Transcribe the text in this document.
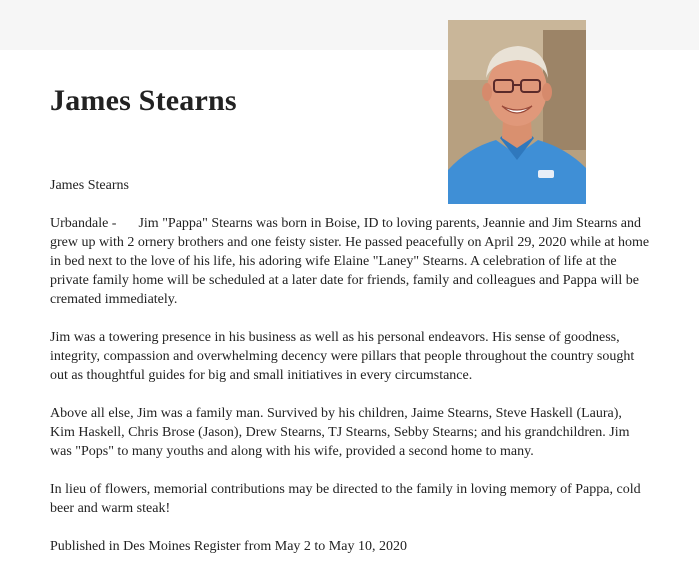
James Stearns

James Stearns

Urbandale - Jim "Pappa" Stearns was born in Boise, ID to loving parents, Jeannie and Jim Stearns and grew up with 2 ornery brothers and one feisty sister. He passed peacefully on April 29, 2020 while at home in bed next to the love of his life, his adoring wife Elaine "Laney" Stearns. A celebration of life at the private family home will be scheduled at a later date for friends, family and colleagues and Pappa will be cremated immediately.

Jim was a towering presence in his business as well as his personal endeavors. His sense of goodness, integrity, compassion and overwhelming decency were pillars that people throughout the country sought out as thoughtful guides for big and small initiatives in every circumstance.

Above all else, Jim was a family man. Survived by his children, Jaime Stearns, Steve Haskell (Laura), Kim Haskell, Chris Brose (Jason), Drew Stearns, TJ Stearns, Sebby Stearns; and his grandchildren. Jim was "Pops" to many youths and along with his wife, provided a second home to many.

In lieu of flowers, memorial contributions may be directed to the family in loving memory of Pappa, cold beer and warm steak!

Published in Des Moines Register from May 2 to May 10, 2020
